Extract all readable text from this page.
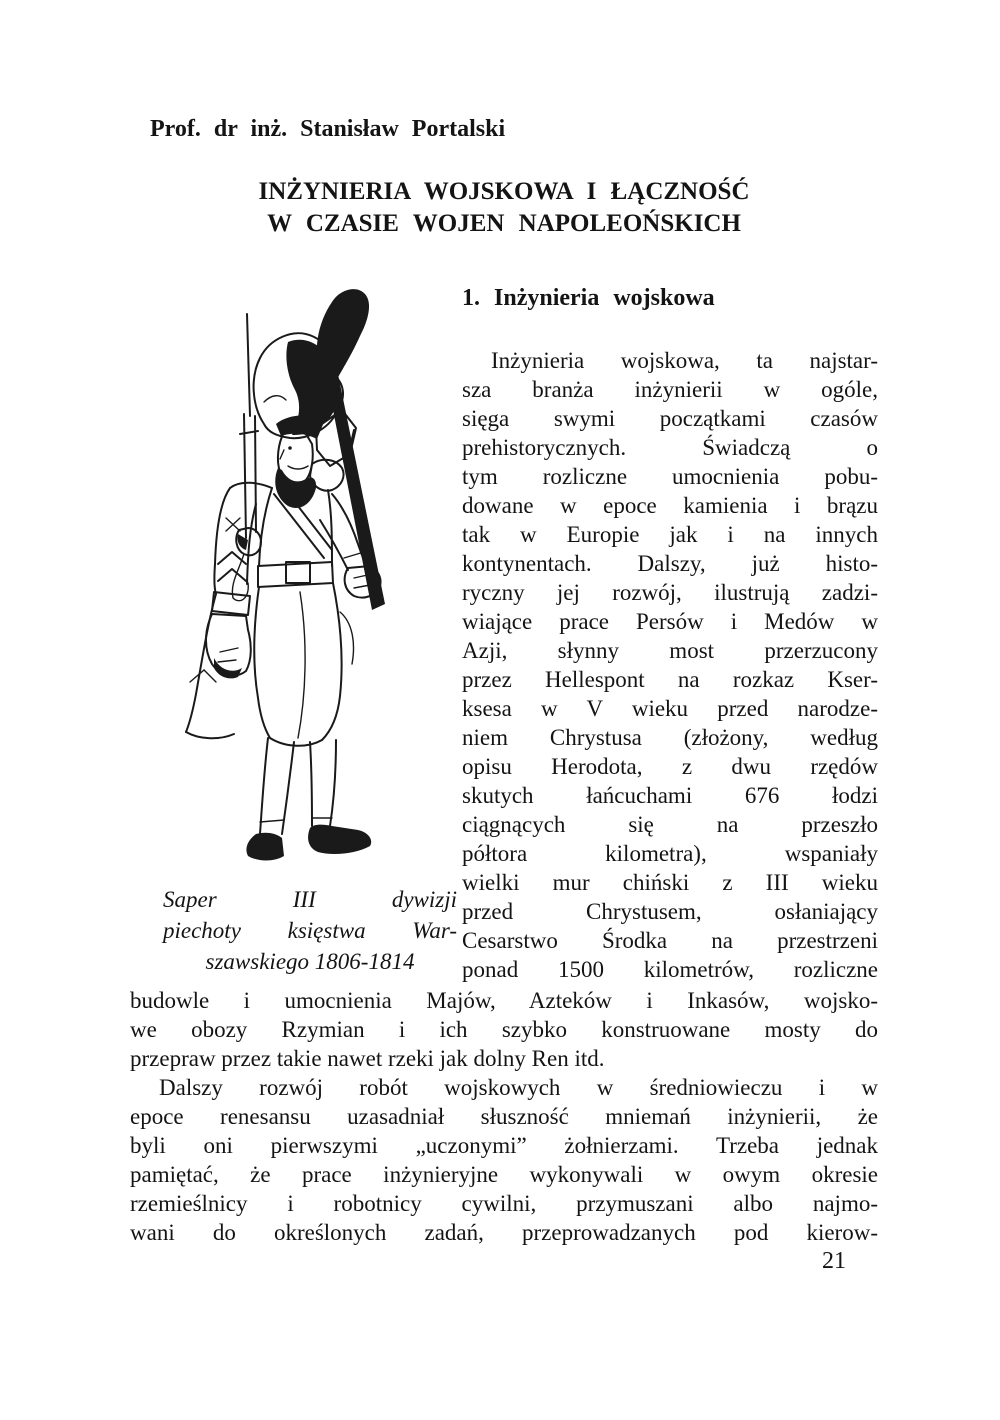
Prof. dr inż. Stanisław Portalski
INŻYNIERIA WOJSKOWA I ŁĄCZNOŚĆ
W CZASIE WOJEN NAPOLEOŃSKICH
Saper III dywizji
piechoty księstwa War-
szawskiego 1806-1814
1. Inżynieria wojskowa
Inżynieria wojskowa, ta najstar-
sza branża inżynierii w ogóle,
sięga swymi początkami czasów
prehistorycznych. Świadczą o
tym rozliczne umocnienia pobu-
dowane w epoce kamienia i brązu
tak w Europie jak i na innych
kontynentach. Dalszy, już histo-
ryczny jej rozwój, ilustrują zadzi-
wiające prace Persów i Medów w
Azji, słynny most przerzucony
przez Hellespont na rozkaz Kser-
ksesa w V wieku przed narodze-
niem Chrystusa (złożony, według
opisu Herodota, z dwu rzędów
skutych łańcuchami 676 łodzi
ciągnących się na przeszło
półtora kilometra), wspaniały
wielki mur chiński z III wieku
przed Chrystusem, osłaniający
Cesarstwo Środka na przestrzeni
ponad 1500 kilometrów, rozliczne
budowle i umocnienia Majów, Azteków i Inkasów, wojsko-
we obozy Rzymian i ich szybko konstruowane mosty do
przepraw przez takie nawet rzeki jak dolny Ren itd.
Dalszy rozwój robót wojskowych w średniowieczu i w
epoce renesansu uzasadniał słuszność mniemań inżynierii, że
byli oni pierwszymi „uczonymi” żołnierzami. Trzeba jednak
pamiętać, że prace inżynieryjne wykonywali w owym okresie
rzemieślnicy i robotnicy cywilni, przymuszani albo najmo-
wani do określonych zadań, przeprowadzanych pod kierow-
21
